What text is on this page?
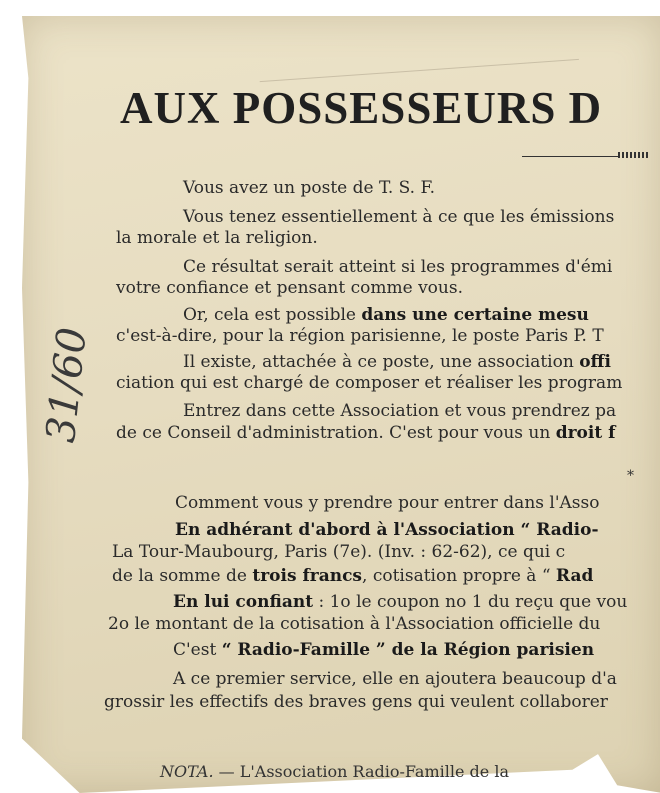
31/60
AUX POSSESSEURS D

Vous avez un poste de T. S. F.

Vous tenez essentiellement à ce que les émissions

la morale et la religion.

Ce résultat serait atteint si les programmes d'émi

votre confiance et pensant comme vous.

Or, cela est possible dans une certaine mesu

c'est-à-dire, pour la région parisienne, le poste Paris P. T

Il existe, attachée à ce poste, une association offi

ciation qui est chargé de composer et réaliser les program

Entrez dans cette Association et vous prendrez pa

de ce Conseil d'administration. C'est pour vous un droit f

*

Comment vous y prendre pour entrer dans l'Asso

En adhérant d'abord à l'Association “ Radio-

La Tour-Maubourg, Paris (7e). (Inv. : 62-62), ce qui c

de la somme de trois francs, cotisation propre à “ Rad

En lui confiant : 1o le coupon no 1 du reçu que vou

2o le montant de la cotisation à l'Association officielle du

C'est “ Radio-Famille ” de la Région parisien

A ce premier service, elle en ajoutera beaucoup d'a

grossir les effectifs des braves gens qui veulent collaborer

NOTA. — L'Association Radio-Famille de la
